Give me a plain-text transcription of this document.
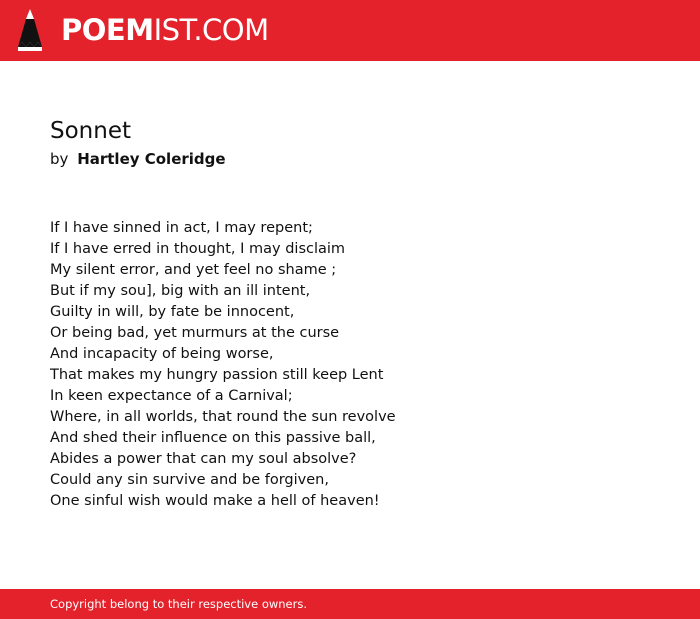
POEMIST.COM
Sonnet
by Hartley Coleridge
If I have sinned in act, I may repent;
If I have erred in thought, I may disclaim
My silent error, and yet feel no shame ;
But if my sou], big with an ill intent,
Guilty in will, by fate be innocent,
Or being bad, yet murmurs at the curse
And incapacity of being worse,
That makes my hungry passion still keep Lent
In keen expectance of a Carnival;
Where, in all worlds, that round the sun revolve
And shed their influence on this passive ball,
Abides a power that can my soul absolve?
Could any sin survive and be forgiven,
One sinful wish would make a hell of heaven!
Copyright belong to their respective owners.
